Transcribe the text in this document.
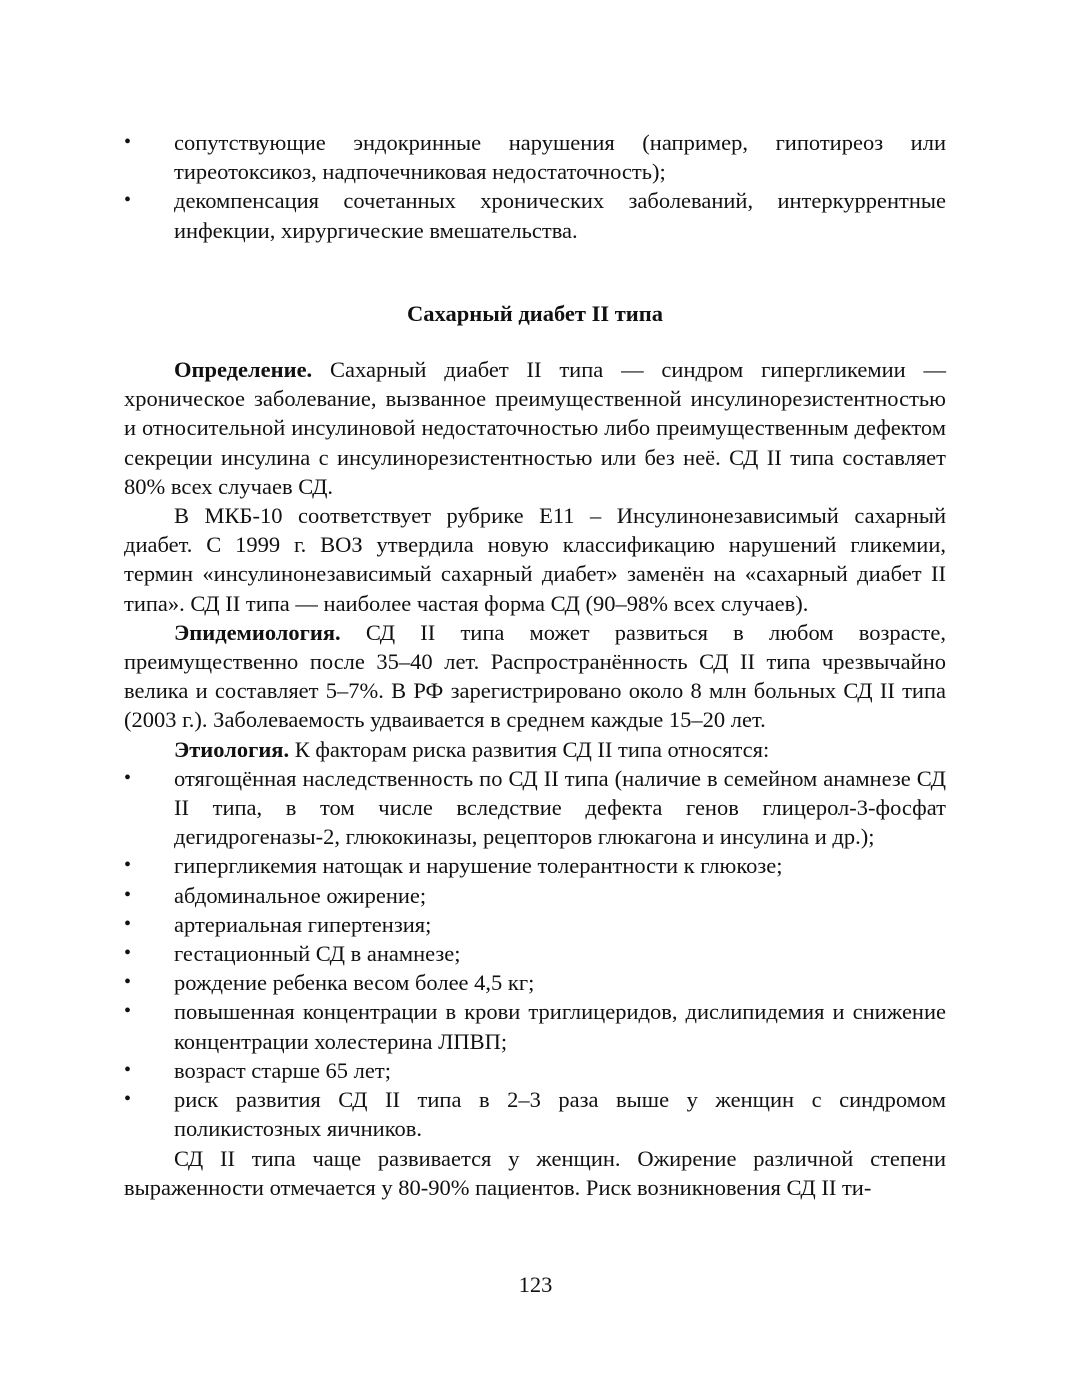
• сопутствующие эндокринные нарушения (например, гипотиреоз или тиреотоксикоз, надпочечниковая недостаточность);
• декомпенсация сочетанных хронических заболеваний, интеркуррентные инфекции, хирургические вмешательства.
Сахарный диабет II типа

Определение. Сахарный диабет II типа — синдром гипергликемии — хроническое заболевание, вызванное преимущественной инсулинорезистентностью и относительной инсулиновой недостаточностью либо преимущественным дефектом секреции инсулина с инсулинорезистентностью или без неё. СД II типа составляет 80% всех случаев СД.

В МКБ-10 соответствует рубрике Е11 – Инсулинонезависимый сахарный диабет. С 1999 г. ВОЗ утвердила новую классификацию нарушений гликемии, термин «инсулинонезависимый сахарный диабет» заменён на «сахарный диабет II типа». СД II типа — наиболее частая форма СД (90–98% всех случаев).

Эпидемиология. СД II типа может развиться в любом возрасте, преимущественно после 35–40 лет. Распространённость СД II типа чрезвычайно велика и составляет 5–7%. В РФ зарегистрировано около 8 млн больных СД II типа (2003 г.). Заболеваемость удваивается в среднем каждые 15–20 лет.

Этиология. К факторам риска развития СД II типа относятся:

• отягощённая наследственность по СД II типа (наличие в семейном анамнезе СД II типа, в том числе вследствие дефекта генов глицерол-3-фосфат дегидрогеназы-2, глюкокиназы, рецепторов глюкагона и инсулина и др.);
• гипергликемия натощак и нарушение толерантности к глюкозе;
• абдоминальное ожирение;
• артериальная гипертензия;
• гестационный СД в анамнезе;
• рождение ребенка весом более 4,5 кг;
• повышенная концентрации в крови триглицеридов, дислипидемия и снижение концентрации холестерина ЛПВП;
• возраст старше 65 лет;
• риск развития СД II типа в 2–3 раза выше у женщин с синдромом поликистозных яичников.

СД II типа чаще развивается у женщин. Ожирение различной степени выраженности отмечается у 80-90% пациентов. Риск возникновения СД II ти-

123
